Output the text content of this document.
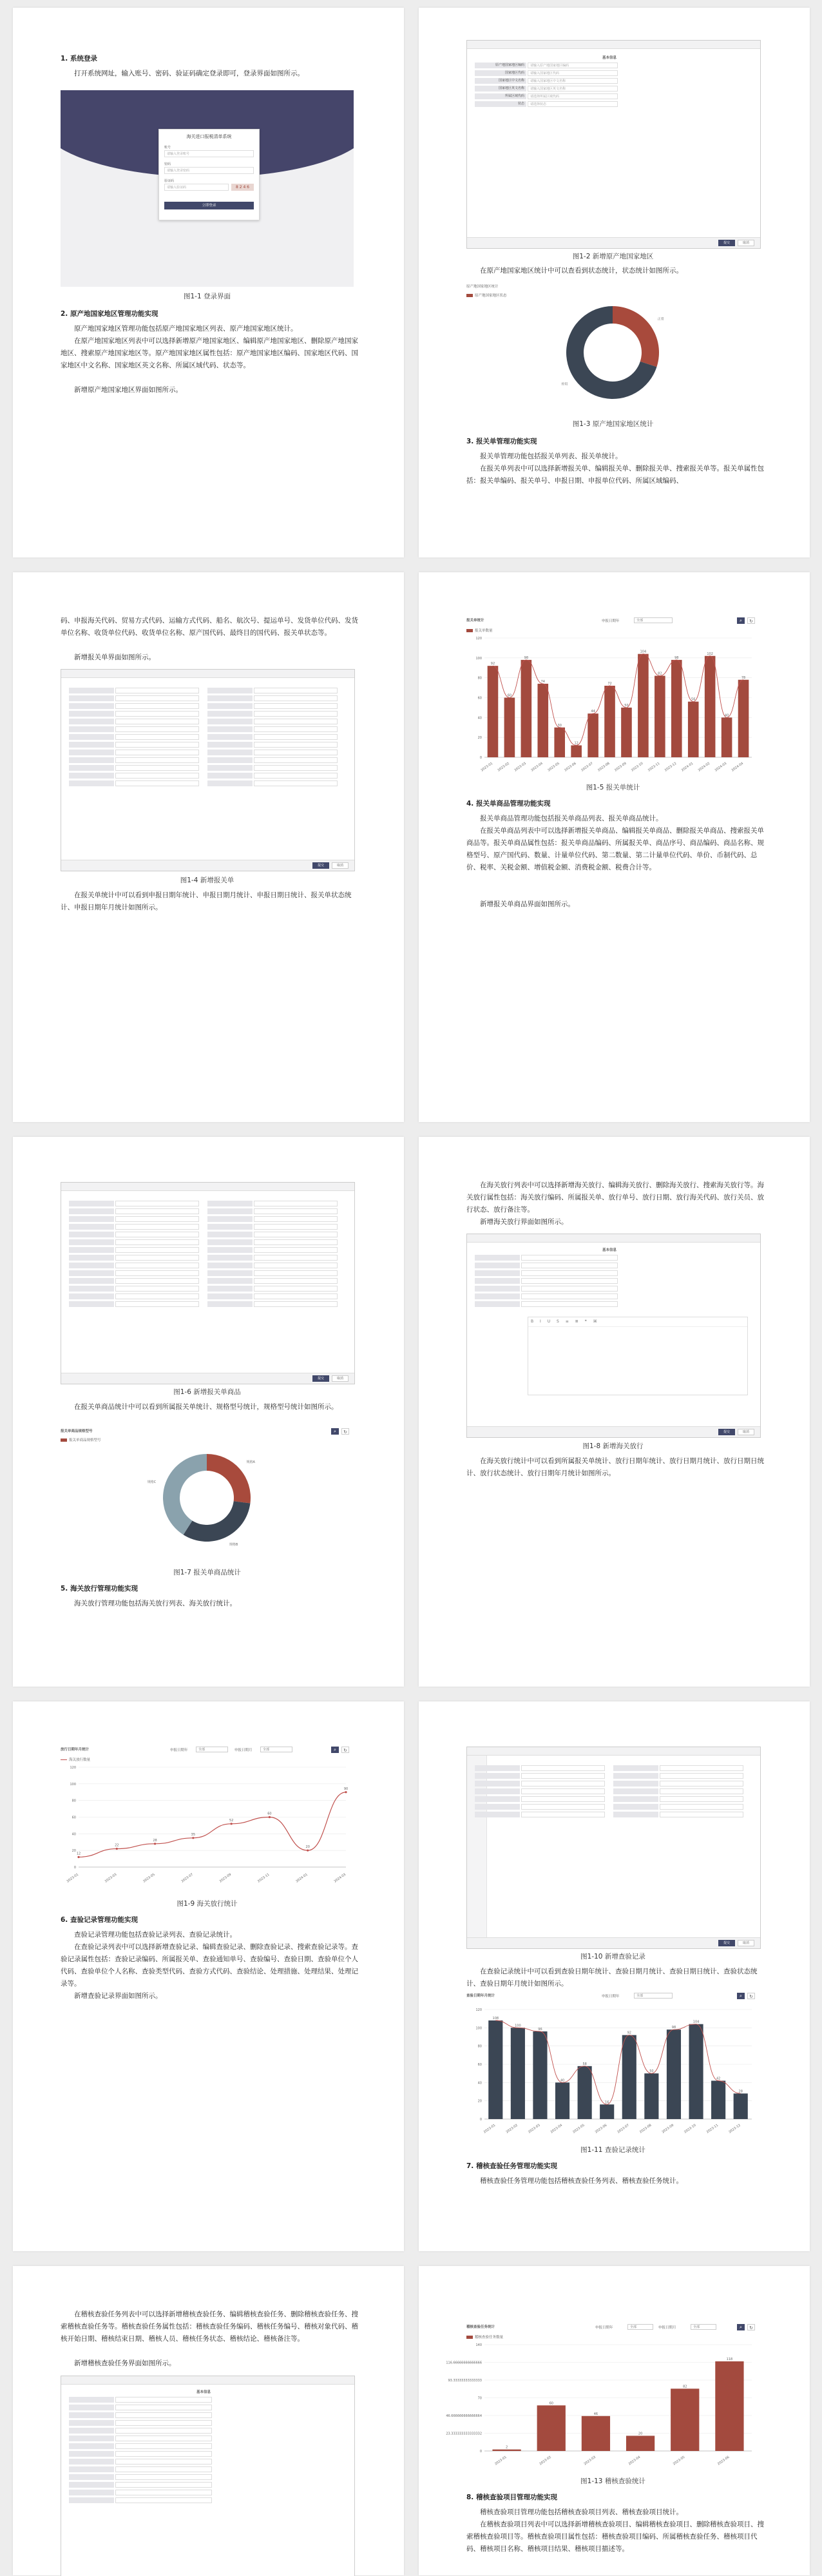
1. 系统登录
打开系统网址，输入账号、密码、验证码确定登录即可，登录界面如图所示。
海关进口报税清单系统
账号
请输入登录账号
密码
请输入登录密码
验证码
请输入验证码	8 2 4 6
立即登录
图1-1 登录界面
2. 原产地国家地区管理功能实现
原产地国家地区管理功能包括原产地国家地区列表、原产地国家地区统计。
在原产地国家地区列表中可以选择新增原产地国家地区、编辑原产地国家地区、删除原产地国家地区、搜索原产地国家地区等。原产地国家地区属性包括：原产地国家地区编码、国家地区代码、国家地区中文名称、国家地区英文名称、所属区域代码、状态等。
新增原产地国家地区界面如图所示。
基本信息
原产地国家地区编码	请输入原产地国家地区编码
国家地区代码	请输入国家地区代码
国家地区中文名称	请输入国家地区中文名称
国家地区英文名称	请输入国家地区英文名称
所属区域代码	请选择所属区域代码
状态	请选择状态
提交	取消
图1-2 新增原产地国家地区
在原产地国家地区统计中可以查看到状态统计，状态统计如图所示。
原产地国家地区统计
原产地国家地区状态
正常
停用
图1-3 原产地国家地区统计
3. 报关单管理功能实现
报关单管理功能包括报关单列表、报关单统计。
在报关单列表中可以选择新增报关单、编辑报关单、删除报关单、搜索报关单等。报关单属性包括：报关单编码、报关单号、申报日期、申报单位代码、所属区域编码、
码、申报海关代码、贸易方式代码、运输方式代码、船名、航次号、提运单号、发货单位代码、发货单位名称、收货单位代码、收货单位名称、原产国代码、最终目的国代码、报关单状态等。
新增报关单界面如图所示。
提交	取消
图1-4 新增报关单
在报关单统计中可以看到申报日期年统计、申报日期月统计、申报日期日统计、报关单状态统计、申报日期年月统计如图所示。
报关单统计	申报日期年	全部	⌕	↻
报关单数量
0
20
40
60
80
100
120
92
2023-01
60
2023-02
98
2023-03
74
2023-04
30
2023-05
12
2023-06
44
2023-07
72
2023-08
50
2023-09
104
2023-10
82
2023-11
98
2023-12
56
2024-01
102
2024-02
40
2024-03
78
2024-04
图1-5 报关单统计
4. 报关单商品管理功能实现
报关单商品管理功能包括报关单商品列表、报关单商品统计。
在报关单商品列表中可以选择新增报关单商品、编辑报关单商品、删除报关单商品、搜索报关单商品等。报关单商品属性包括：报关单商品编码、所属报关单、商品序号、商品编码、商品名称、规格型号、原产国代码、数量、计量单位代码、第二数量、第二计量单位代码、单价、币制代码、总价、税率、关税金额、增值税金额、消费税金额、税费合计等。
新增报关单商品界面如图所示。
提交	取消
图1-6 新增报关单商品
在报关单商品统计中可以看到所属报关单统计、规格型号统计，规格型号统计如图所示。
报关单商品规格型号	⌕	↻
报关单商品规格型号
规格A
规格B
规格C
图1-7 报关单商品统计
5. 海关放行管理功能实现
海关放行管理功能包括海关放行列表、海关放行统计。
在海关放行列表中可以选择新增海关放行、编辑海关放行、删除海关放行、搜索海关放行等。海关放行属性包括：海关放行编码、所属报关单、放行单号、放行日期、放行海关代码、放行关员、放行状态、放行备注等。
新增海关放行界面如图所示。
基本信息
B I U S ≡ ≣ ❝ ⌘
提交	取消
图1-8 新增海关放行
在海关放行统计中可以看到所属报关单统计、放行日期年统计、放行日期月统计、放行日期日统计、放行状态统计、放行日期年月统计如图所示。
放行日期年月统计	申报日期年	全部	申报日期月	全部	⌕	↻
海关放行数量
0
20
40
60
80
100
120
12
2023-01
22
2023-03
28
2023-05
35
2023-07
52
2023-09
60
2023-11
20
2024-01
90
2024-03
图1-9 海关放行统计
6. 查验记录管理功能实现
查验记录管理功能包括查验记录列表、查验记录统计。
在查验记录列表中可以选择新增查验记录、编辑查验记录、删除查验记录、搜索查验记录等。查验记录属性包括：查验记录编码、所属报关单、查验通知单号、查验编号、查验日期、查验单位个人代码、查验单位个人名称、查验类型代码、查验方式代码、查验结论、处理措施、处理结果、处理记录等。
新增查验记录界面如图所示。
提交	取消
图1-10 新增查验记录
在查验记录统计中可以看到查验日期年统计、查验日期月统计、查验日期日统计、查验状态统计、查验日期年月统计如图所示。
查验日期年月统计	申报日期年	全部	⌕	↻
0
20
40
60
80
100
120
108
2023-01
100
2023-02
96
2023-03
40
2023-04
58
2023-05
16
2023-06
92
2023-07
50
2023-08
98
2023-09
104
2023-10
42
2023-11
28
2023-12
图1-11 查验记录统计
7. 稽核查验任务管理功能实现
稽核查验任务管理功能包括稽核查验任务列表、稽核查验任务统计。
在稽核查验任务列表中可以选择新增稽核查验任务、编辑稽核查验任务、删除稽核查验任务、搜索稽核查验任务等。稽核查验任务属性包括：稽核查验任务编码、稽核任务编号、稽核对象代码、稽核开始日期、稽核结束日期、稽核人员、稽核任务状态、稽核结论、稽核备注等。
新增稽核查验任务界面如图所示。
基本信息
稽核查验任务统计	申报日期年	全部	申报日期月	全部	⌕	↻
稽核查验任务数量
0
23.333333333333332
46.666666666666664
70
93.33333333333333
116.66666666666666
140
2
2023-01
60
2023-02
46
2023-03
20
2023-04
82
2023-05
118
2023-06
图1-13 稽核查验统计
8. 稽核查验项目管理功能实现
稽核查验项目管理功能包括稽核查验项目列表、稽核查验项目统计。
在稽核查验项目列表中可以选择新增稽核查验项目、编辑稽核查验项目、删除稽核查验项目、搜索稽核查验项目等。稽核查验项目属性包括：稽核查验项目编码、所属稽核查验任务、稽核项目代码、稽核项目名称、稽核项目结果、稽核项目描述等。
